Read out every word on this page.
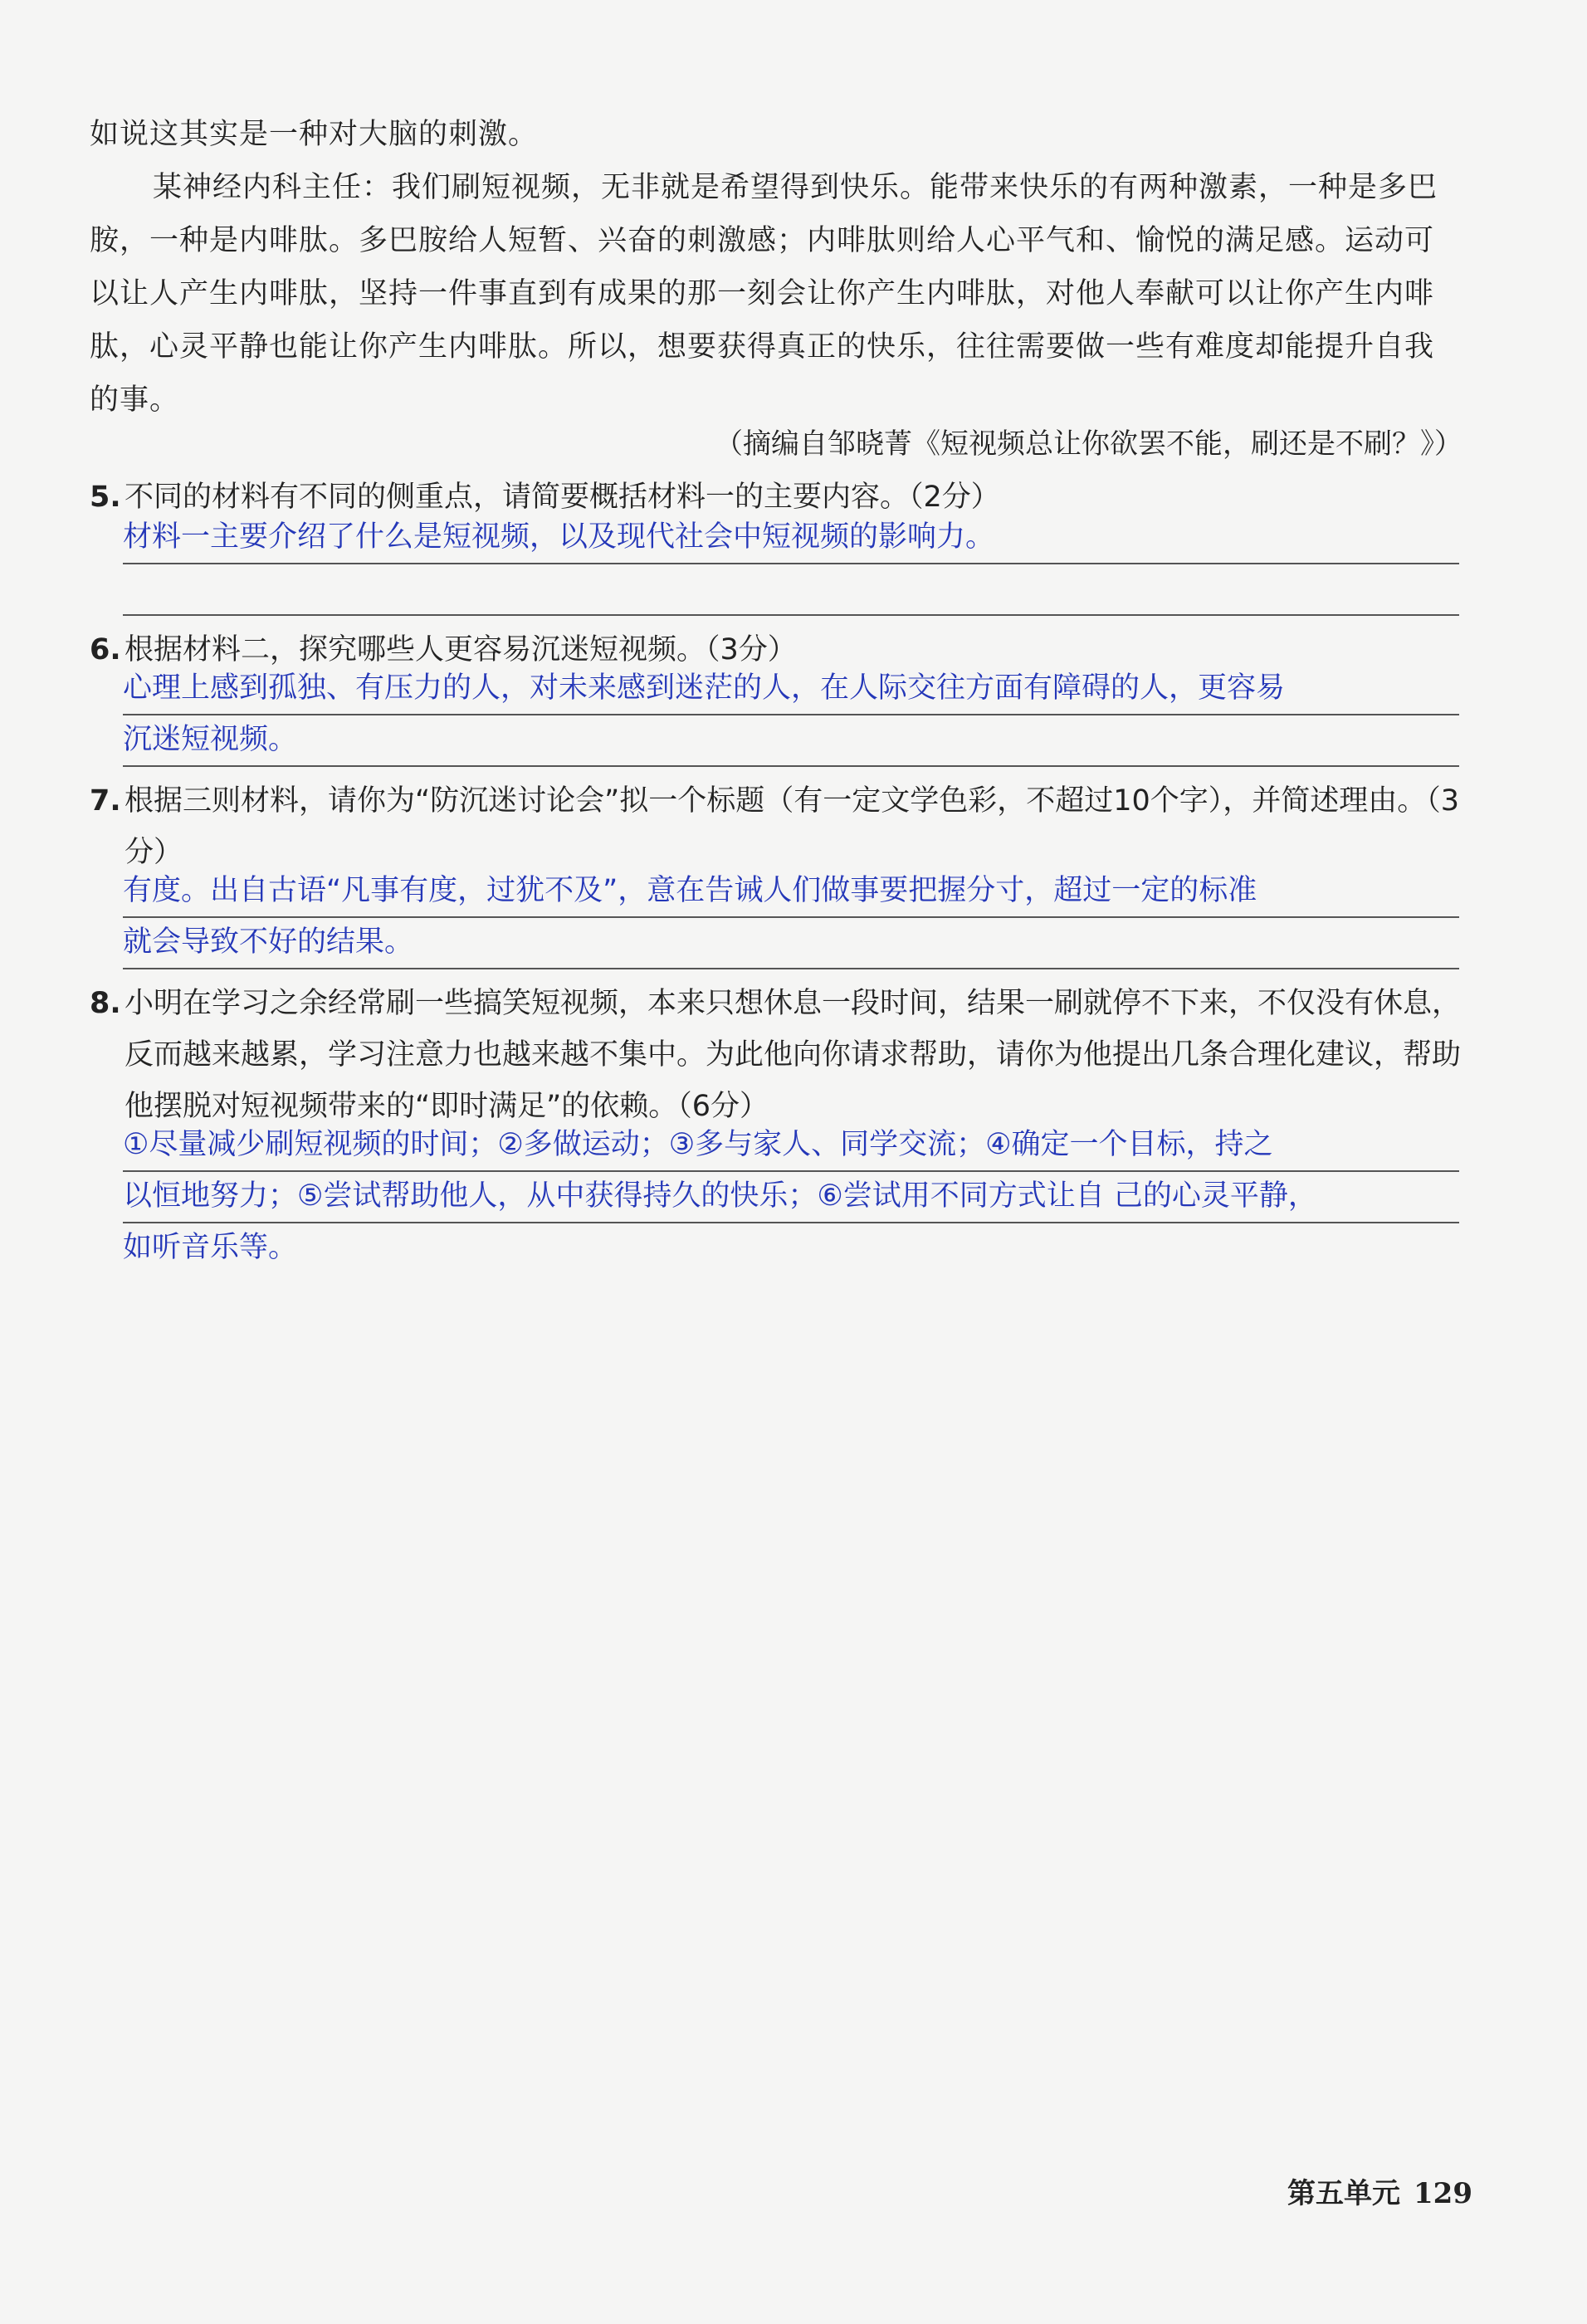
如说这其实是一种对大脑的刺激。
某神经内科主任：我们刷短视频，无非就是希望得到快乐。能带来快乐的有两种激素，一种是多巴胺，一种是内啡肽。多巴胺给人短暂、兴奋的刺激感；内啡肽则给人心平气和、愉悦的满足感。运动可以让人产生内啡肽，坚持一件事直到有成果的那一刻会让你产生内啡肽，对他人奉献可以让你产生内啡肽，心灵平静也能让你产生内啡肽。所以，想要获得真正的快乐，往往需要做一些有难度却能提升自我的事。
（摘编自邹晓菁《短视频总让你欲罢不能，刷还是不刷？》）
5. 不同的材料有不同的侧重点，请简要概括材料一的主要内容。（2分）
材料一主要介绍了什么是短视频，以及现代社会中短视频的影响力。
6. 根据材料二，探究哪些人更容易沉迷短视频。（3分）
心理上感到孤独、有压力的人，对未来感到迷茫的人，在人际交往方面有障碍的人，更容易
沉迷短视频。
7. 根据三则材料，请你为“防沉迷讨论会”拟一个标题（有一定文学色彩，不超过10个字），并简述理由。（3分）
有度。出自古语“凡事有度，过犹不及”，意在告诫人们做事要把握分寸，超过一定的标准
就会导致不好的结果。
8. 小明在学习之余经常刷一些搞笑短视频，本来只想休息一段时间，结果一刷就停不下来，不仅没有休息，反而越来越累，学习注意力也越来越不集中。为此他向你请求帮助，请你为他提出几条合理化建议，帮助他摆脱对短视频带来的“即时满足”的依赖。（6分）
①尽量减少刷短视频的时间；②多做运动；③多与家人、同学交流；④确定一个目标，持之
以恒地努力；⑤尝试帮助他人，从中获得持久的快乐；⑥尝试用不同方式让自 己的心灵平静，
如听音乐等。
第五单元 129
